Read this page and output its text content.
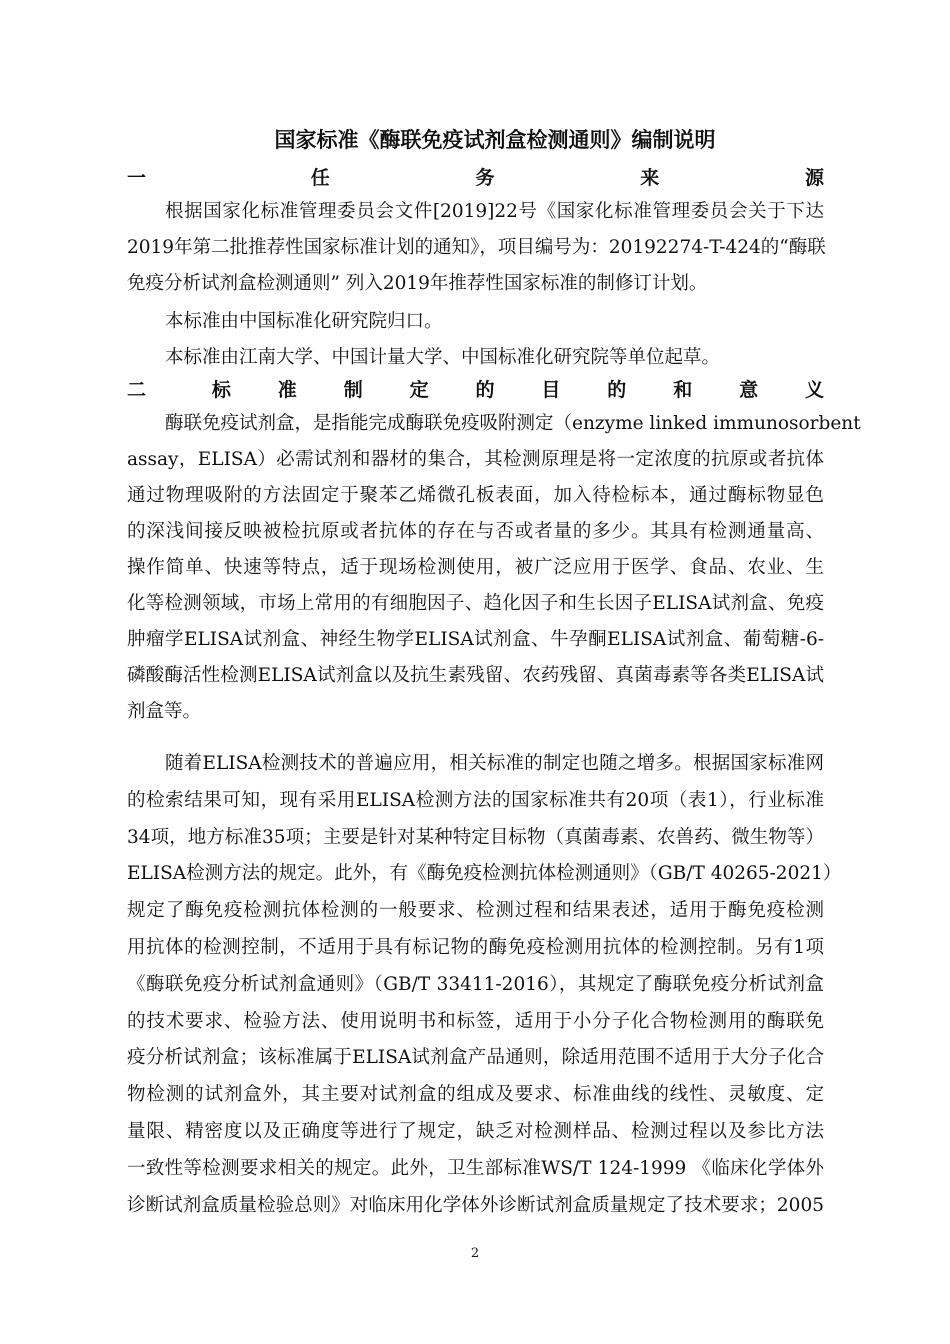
国家标准《酶联免疫试剂盒检测通则》编制说明
一 任务来源
根据国家化标准管理委员会文件[2019]22号《国家化标准管理委员会关于下达
2019年第二批推荐性国家标准计划的通知》，项目编号为：20192274-T-424的“酶联
免疫分析试剂盒检测通则” 列入2019年推荐性国家标准的制修订计划。
本标准由中国标准化研究院归口。
本标准由江南大学、中国计量大学、中国标准化研究院等单位起草。
二 标准制定的目的和意义
酶联免疫试剂盒，是指能完成酶联免疫吸附测定（enzyme linked immunosorbent
assay，ELISA）必需试剂和器材的集合，其检测原理是将一定浓度的抗原或者抗体
通过物理吸附的方法固定于聚苯乙烯微孔板表面，加入待检标本，通过酶标物显色
的深浅间接反映被检抗原或者抗体的存在与否或者量的多少。其具有检测通量高、
操作简单、快速等特点，适于现场检测使用，被广泛应用于医学、食品、农业、生
化等检测领域，市场上常用的有细胞因子、趋化因子和生长因子ELISA试剂盒、免疫
肿瘤学ELISA试剂盒、神经生物学ELISA试剂盒、牛孕酮ELISA试剂盒、葡萄糖-6-
磷酸酶活性检测ELISA试剂盒以及抗生素残留、农药残留、真菌毒素等各类ELISA试
剂盒等。
随着ELISA检测技术的普遍应用，相关标准的制定也随之增多。根据国家标准网
的检索结果可知，现有采用ELISA检测方法的国家标准共有20项（表1），行业标准
34项，地方标准35项；主要是针对某种特定目标物（真菌毒素、农兽药、微生物等）
ELISA检测方法的规定。此外，有《酶免疫检测抗体检测通则》（GB/T 40265-2021）
规定了酶免疫检测抗体检测的一般要求、检测过程和结果表述，适用于酶免疫检测
用抗体的检测控制，不适用于具有标记物的酶免疫检测用抗体的检测控制。另有1项
《酶联免疫分析试剂盒通则》（GB/T 33411-2016），其规定了酶联免疫分析试剂盒
的技术要求、检验方法、使用说明书和标签，适用于小分子化合物检测用的酶联免
疫分析试剂盒；该标准属于ELISA试剂盒产品通则，除适用范围不适用于大分子化合
物检测的试剂盒外，其主要对试剂盒的组成及要求、标准曲线的线性、灵敏度、定
量限、精密度以及正确度等进行了规定，缺乏对检测样品、检测过程以及参比方法
一致性等检测要求相关的规定。此外，卫生部标准WS/T 124-1999 《临床化学体外
诊断试剂盒质量检验总则》对临床用化学体外诊断试剂盒质量规定了技术要求；2005
2
